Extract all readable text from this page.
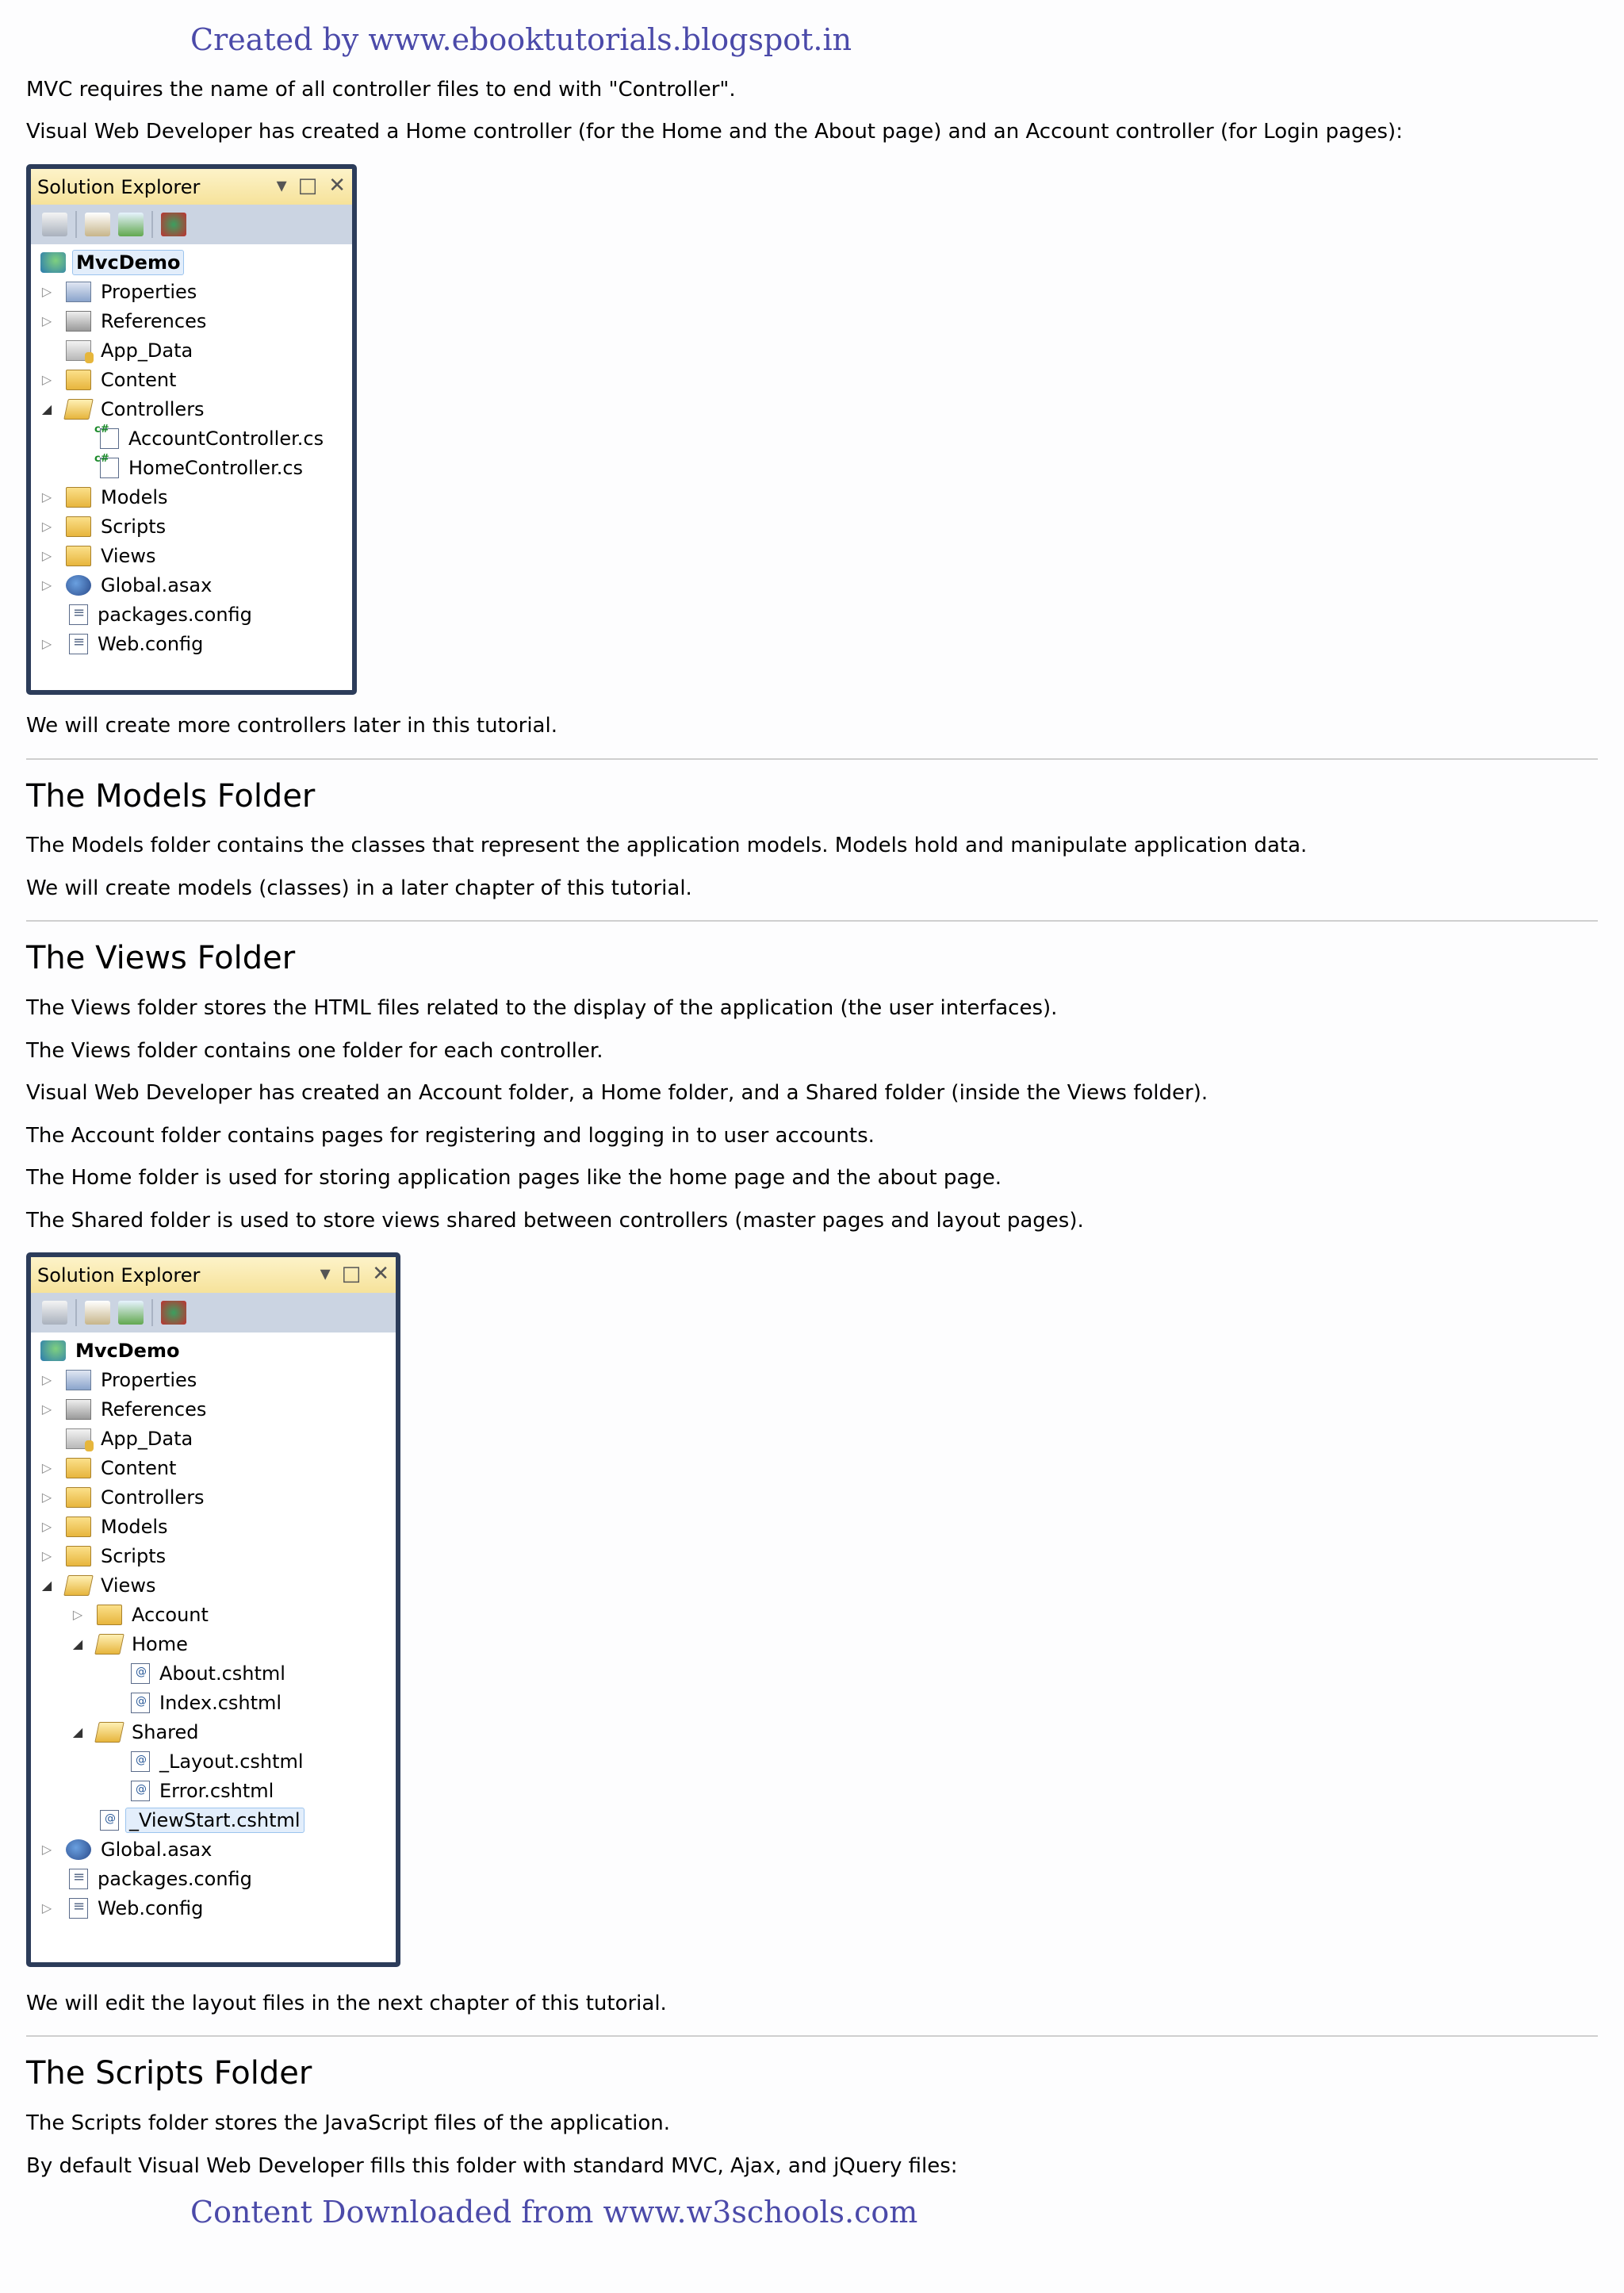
Created by www.ebooktutorials.blogspot.in
MVC requires the name of all controller files to end with "Controller".
Visual Web Developer has created a Home controller (for the Home and the About page) and an Account controller (for Login pages):
Solution Explorer	▾ □ ✕
MvcDemo
▷	Properties
▷	References
App_Data
▷	Content
◢	Controllers
c#
AccountController.cs
c#
HomeController.cs
▷	Models
▷	Scripts
▷	Views
▷	Global.asax
≡
packages.config
▷ ≡ Web.config
We will create more controllers later in this tutorial.
The Models Folder
The Models folder contains the classes that represent the application models. Models hold and manipulate application data.
We will create models (classes) in a later chapter of this tutorial.
The Views Folder
The Views folder stores the HTML files related to the display of the application (the user interfaces).
The Views folder contains one folder for each controller.
Visual Web Developer has created an Account folder, a Home folder, and a Shared folder (inside the Views folder).
The Account folder contains pages for registering and logging in to user accounts.
The Home folder is used for storing application pages like the home page and the about page.
The Shared folder is used to store views shared between controllers (master pages and layout pages).
Solution Explorer	▾ □ ✕
MvcDemo
▷	Properties
▷	References
App_Data
▷	Content
▷	Controllers
▷	Models
▷	Scripts
◢	Views
▷	Account
◢	Home
@
About.cshtml
@
Index.cshtml
◢	Shared
@
_Layout.cshtml
@
Error.cshtml
@
_ViewStart.cshtml
▷	Global.asax
≡
packages.config
▷ ≡ Web.config
We will edit the layout files in the next chapter of this tutorial.
The Scripts Folder
The Scripts folder stores the JavaScript files of the application.
By default Visual Web Developer fills this folder with standard MVC, Ajax, and jQuery files:
Content Downloaded from www.w3schools.com
